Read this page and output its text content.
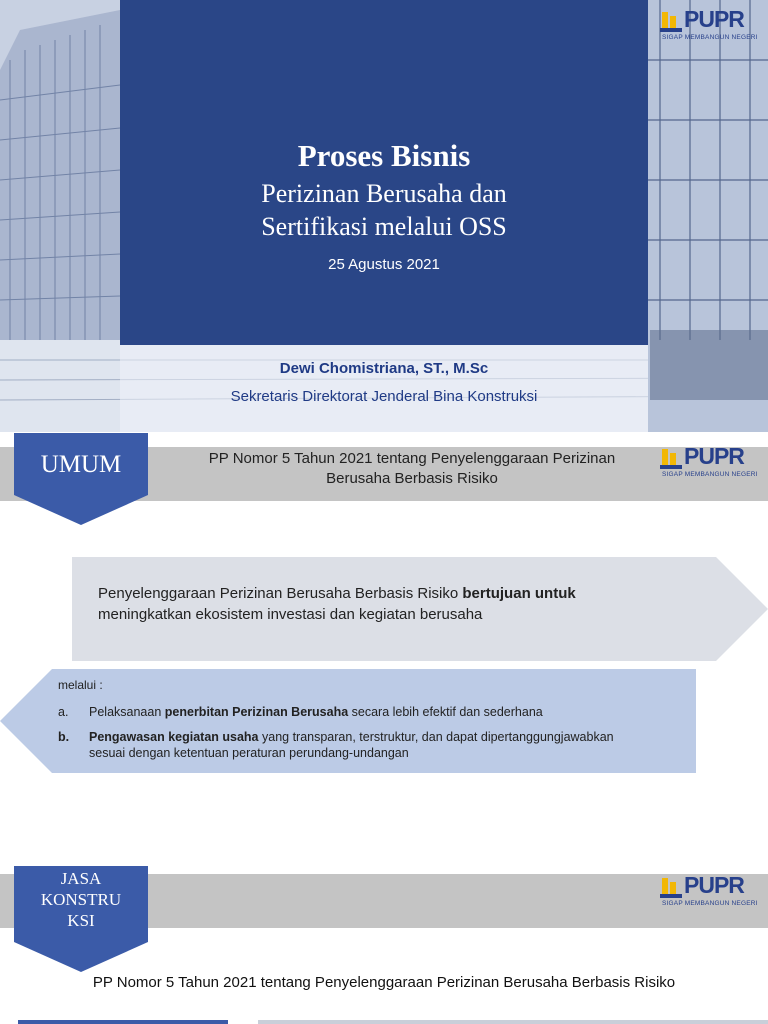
Proses Bisnis
Perizinan Berusaha dan
Sertifikasi melalui OSS
25 Agustus 2021
Dewi Chomistriana, ST., M.Sc
Sekretaris Direktorat Jenderal Bina Konstruksi
PUPR
SIGAP MEMBANGUN NEGERI
UMUM	PP Nomor 5 Tahun 2021 tentang Penyelenggaraan Perizinan
Berusaha Berbasis Risiko
PUPR
SIGAP MEMBANGUN NEGERI
Penyelenggaraan Perizinan Berusaha Berbasis Risiko bertujuan untuk
meningkatkan ekosistem investasi dan kegiatan berusaha
melalui :
a. Pelaksanaan penerbitan Perizinan Berusaha secara lebih efektif dan sederhana
b. Pengawasan kegiatan usaha yang transparan, terstruktur, dan dapat dipertanggungjawabkan
sesuai dengan ketentuan peraturan perundang-undangan
JASA
KONSTRU
KSI
PUPR
SIGAP MEMBANGUN NEGERI
PP Nomor 5 Tahun 2021 tentang Penyelenggaraan Perizinan Berusaha Berbasis Risiko
